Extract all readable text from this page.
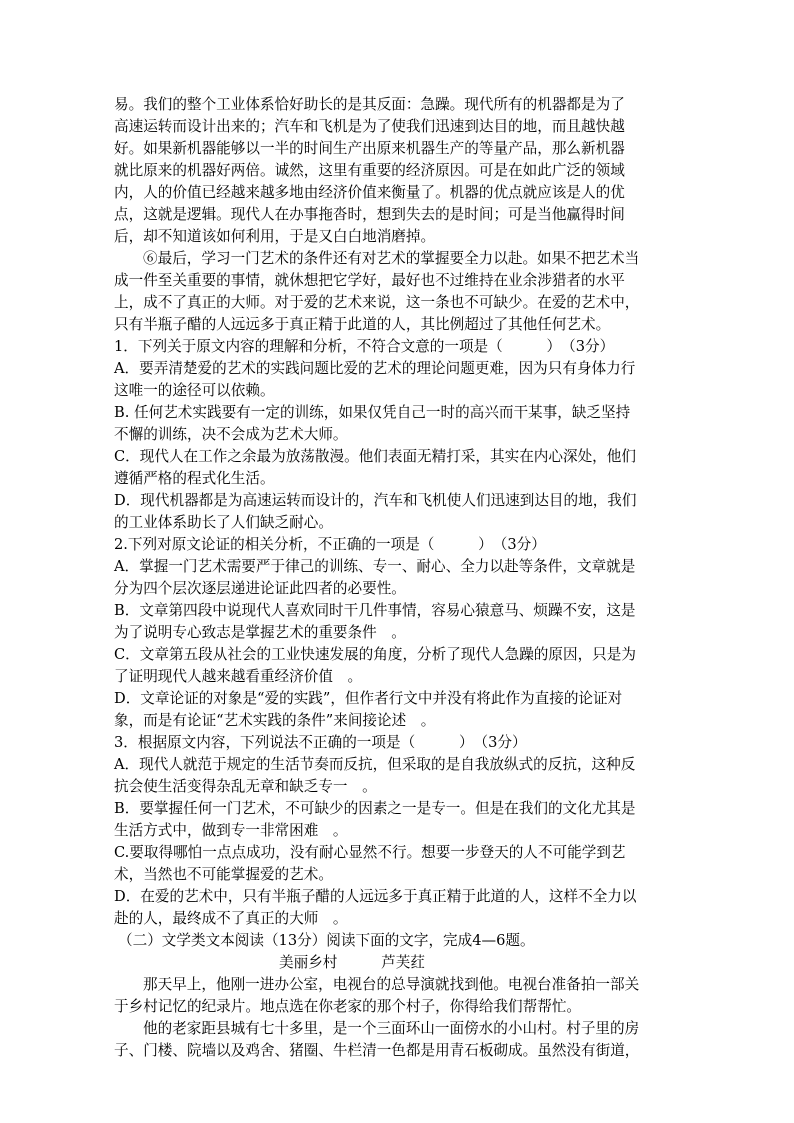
易。我们的整个工业体系恰好助长的是其反面：急躁。现代所有的机器都是为了
高速运转而设计出来的；汽车和飞机是为了使我们迅速到达目的地，而且越快越
好。如果新机器能够以一半的时间生产出原来机器生产的等量产品，那么新机器
就比原来的机器好两倍。诚然，这里有重要的经济原因。可是在如此广泛的领域
内，人的价值已经越来越多地由经济价值来衡量了。机器的优点就应该是人的优
点，这就是逻辑。现代人在办事拖沓时，想到失去的是时间；可是当他赢得时间
后，却不知道该如何利用，于是又白白地消磨掉。
⑥最后，学习一门艺术的条件还有对艺术的掌握要全力以赴。如果不把艺术当
成一件至关重要的事情，就休想把它学好，最好也不过维持在业余涉猎者的水平
上，成不了真正的大师。对于爱的艺术来说，这一条也不可缺少。在爱的艺术中，
只有半瓶子醋的人远远多于真正精于此道的人，其比例超过了其他任何艺术。
1．下列关于原文内容的理解和分析，不符合文意的一项是（　　　）　（3分）
A．要弄清楚爱的艺术的实践问题比爱的艺术的理论问题更难，因为只有身体力行
这唯一的途径可以依赖。
B. 任何艺术实践要有一定的训练，如果仅凭自己一时的高兴而干某事，缺乏坚持
不懈的训练，决不会成为艺术大师。
C．现代人在工作之余最为放荡散漫。他们表面无精打采，其实在内心深处，他们
遵循严格的程式化生活。
D．现代机器都是为高速运转而设计的，汽车和飞机使人们迅速到达目的地，我们
的工业体系助长了人们缺乏耐心。
2.下列对原文论证的相关分析，不正确的一项是（　　　）　（3分）
A．掌握一门艺术需要严于律己的训练、专一、耐心、全力以赴等条件，文章就是
分为四个层次逐层递进论证此四者的必要性。
B．文章第四段中说现代人喜欢同时干几件事情，容易心猿意马、烦躁不安，这是
为了说明专心致志是掌握艺术的重要条件　。
C．文章第五段从社会的工业快速发展的角度，分析了现代人急躁的原因，只是为
了证明现代人越来越看重经济价值　。
D．文章论证的对象是“爱的实践”，但作者行文中并没有将此作为直接的论证对
象，而是有论证“艺术实践的条件”来间接论述　。
3．根据原文内容，下列说法不正确的一项是（　　　）　（3分）
A．现代人就范于规定的生活节奏而反抗，但采取的是自我放纵式的反抗，这种反
抗会使生活变得杂乱无章和缺乏专一　。
B．要掌握任何一门艺术，不可缺少的因素之一是专一。但是在我们的文化尤其是
生活方式中，做到专一非常困难　。
C.要取得哪怕一点点成功，没有耐心显然不行。想要一步登天的人不可能学到艺
术，当然也不可能掌握爱的艺术。
D．在爱的艺术中，只有半瓶子醋的人远远多于真正精于此道的人，这样不全力以
赴的人，最终成不了真正的大师　。
（二）文学类文本阅读（13分）阅读下面的文字，完成4—6题。
美丽乡村　　　芦芙荭
那天早上，他刚一进办公室，电视台的总导演就找到他。电视台准备拍一部关
于乡村记忆的纪录片。地点选在你老家的那个村子，你得给我们帮帮忙。
他的老家距县城有七十多里，是一个三面环山一面傍水的小山村。村子里的房
子、门楼、院墙以及鸡舍、猪圈、牛栏清一色都是用青石板砌成。虽然没有街道，
